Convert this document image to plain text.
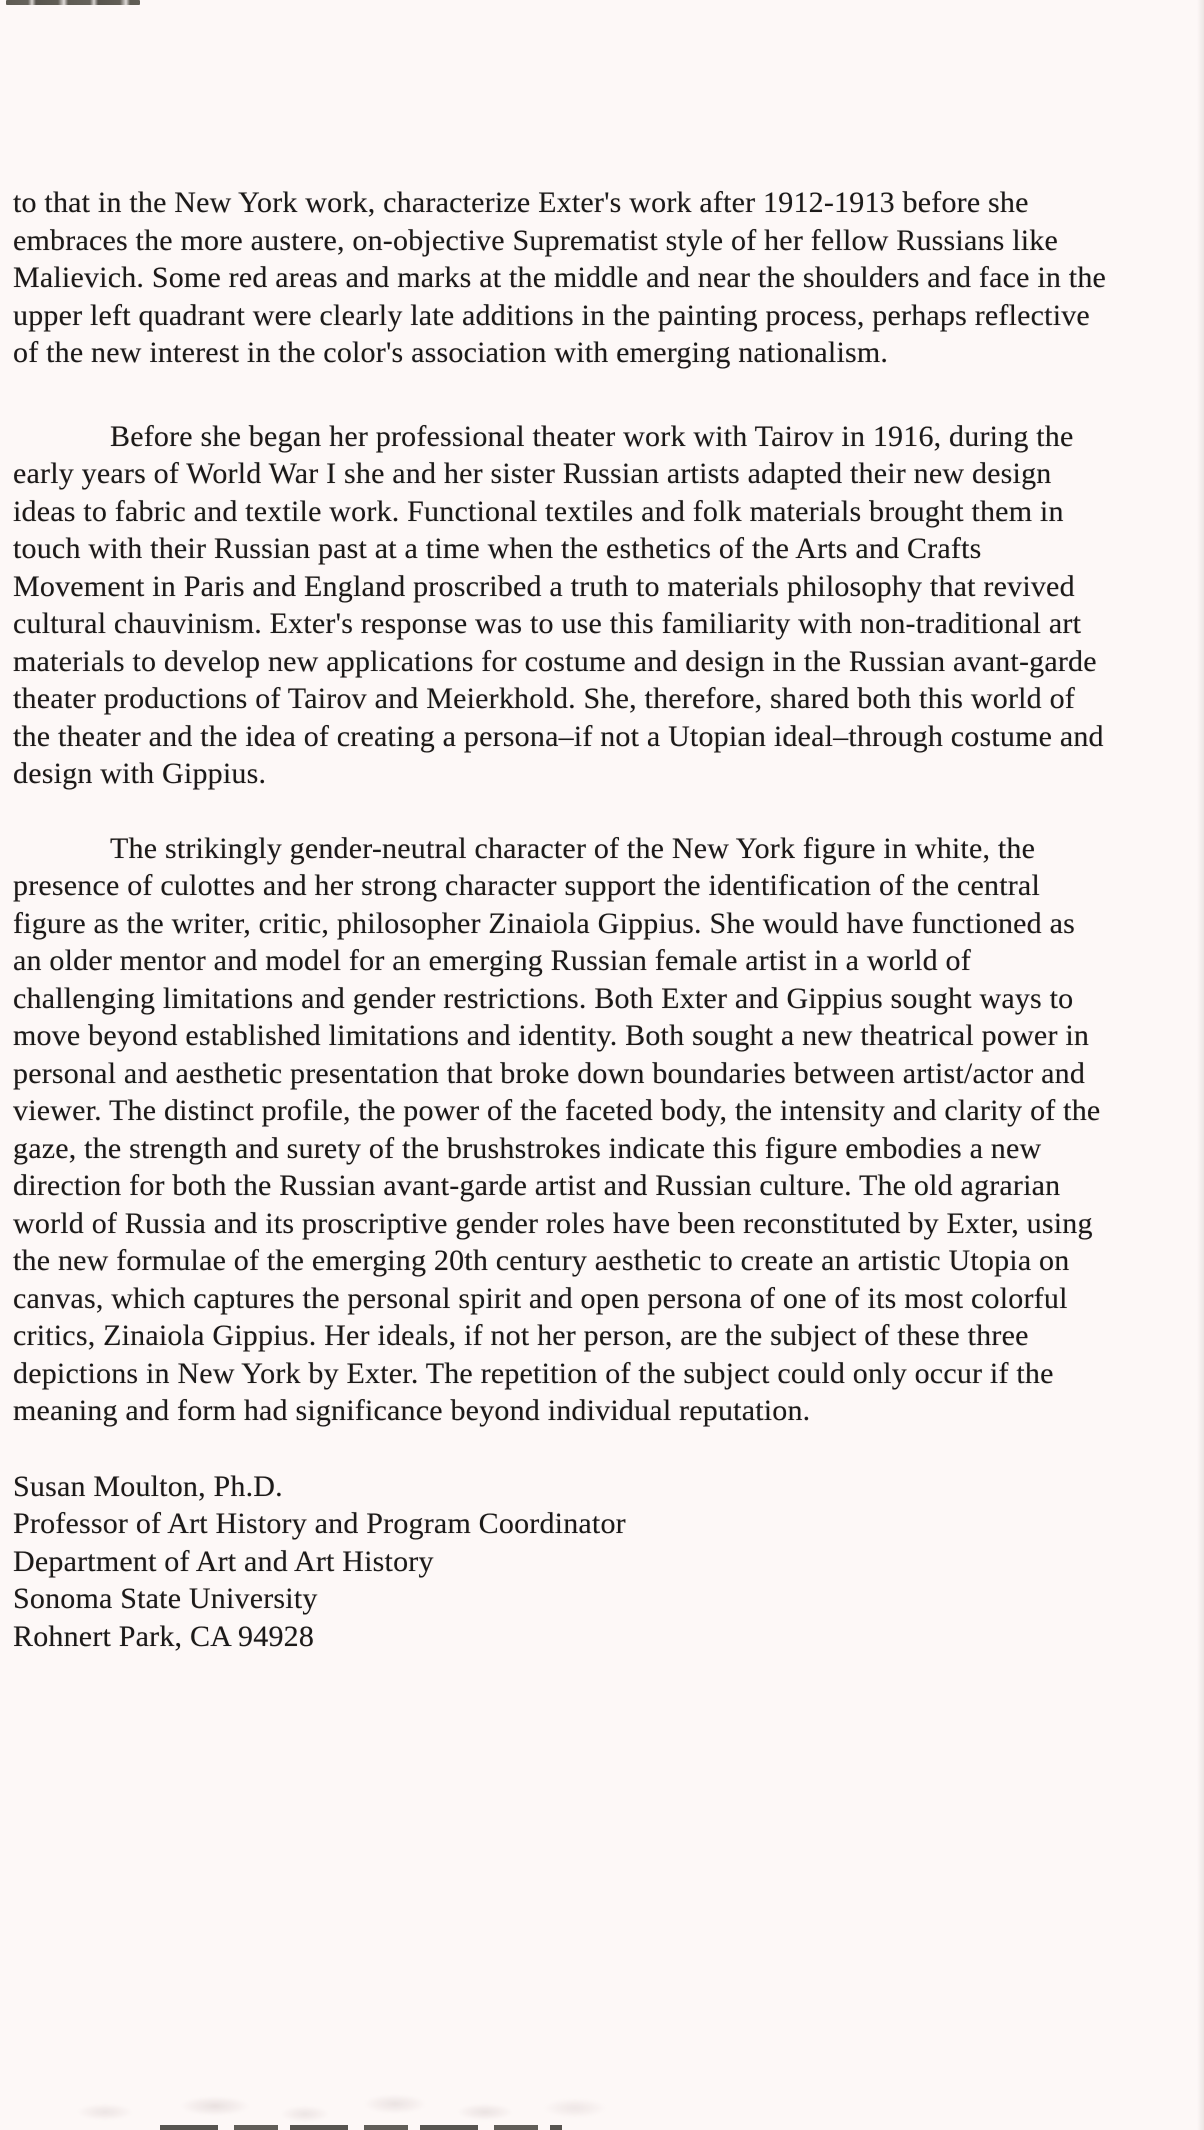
to that in the New York work, characterize Exter's work after 1912-1913 before she
embraces the more austere, on-objective Suprematist style of her fellow Russians like
Malievich. Some red areas and marks at the middle and near the shoulders and face in the
upper left quadrant were clearly late additions in the painting process, perhaps reflective
of the new interest in the color's association with emerging nationalism.
Before she began her professional theater work with Tairov in 1916, during the
early years of World War I she and her sister Russian artists adapted their new design
ideas to fabric and textile work. Functional textiles and folk materials brought them in
touch with their Russian past at a time when the esthetics of the Arts and Crafts
Movement in Paris and England proscribed a truth to materials philosophy that revived
cultural chauvinism. Exter's response was to use this familiarity with non-traditional art
materials to develop new applications for costume and design in the Russian avant-garde
theater productions of Tairov and Meierkhold. She, therefore, shared both this world of
the theater and the idea of creating a persona–if not a Utopian ideal–through costume and
design with Gippius.
The strikingly gender-neutral character of the New York figure in white, the
presence of culottes and her strong character support the identification of the central
figure as the writer, critic, philosopher Zinaiola Gippius. She would have functioned as
an older mentor and model for an emerging Russian female artist in a world of
challenging limitations and gender restrictions. Both Exter and Gippius sought ways to
move beyond established limitations and identity. Both sought a new theatrical power in
personal and aesthetic presentation that broke down boundaries between artist/actor and
viewer. The distinct profile, the power of the faceted body, the intensity and clarity of the
gaze, the strength and surety of the brushstrokes indicate this figure embodies a new
direction for both the Russian avant-garde artist and Russian culture. The old agrarian
world of Russia and its proscriptive gender roles have been reconstituted by Exter, using
the new formulae of the emerging 20th century aesthetic to create an artistic Utopia on
canvas, which captures the personal spirit and open persona of one of its most colorful
critics, Zinaiola Gippius. Her ideals, if not her person, are the subject of these three
depictions in New York by Exter. The repetition of the subject could only occur if the
meaning and form had significance beyond individual reputation.
Susan Moulton, Ph.D.
Professor of Art History and Program Coordinator
Department of Art and Art History
Sonoma State University
Rohnert Park, CA 94928
